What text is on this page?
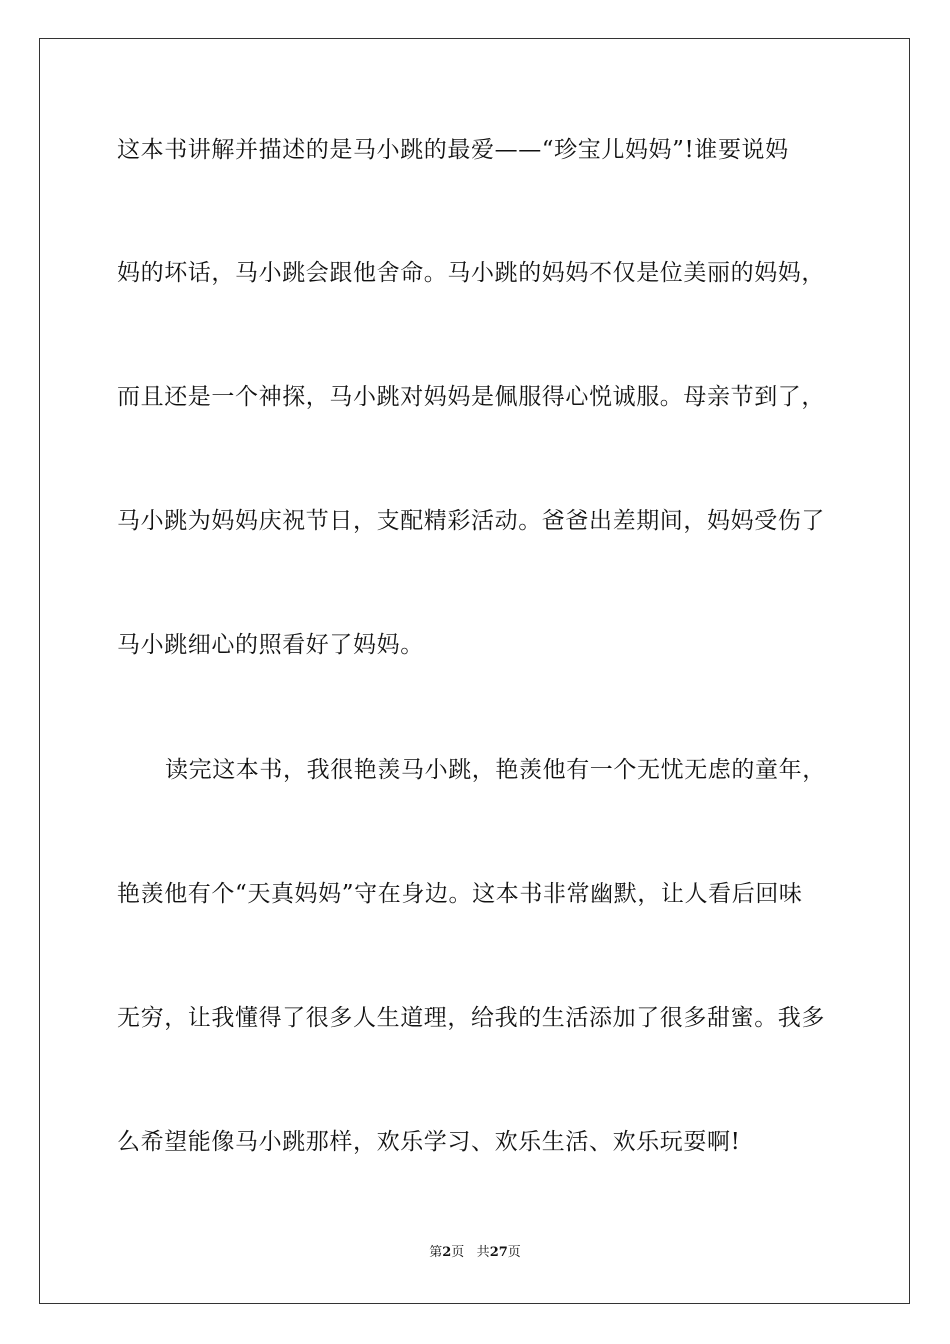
这本书讲解并描述的是马小跳的最爱——“珍宝儿妈妈”!谁要说妈
妈的坏话，马小跳会跟他舍命。马小跳的妈妈不仅是位美丽的妈妈，
而且还是一个神探，马小跳对妈妈是佩服得心悦诚服。母亲节到了，
马小跳为妈妈庆祝节日，支配精彩活动。爸爸出差期间，妈妈受伤了
马小跳细心的照看好了妈妈。
读完这本书，我很艳羡马小跳，艳羡他有一个无忧无虑的童年，
艳羡他有个“天真妈妈”守在身边。这本书非常幽默，让人看后回味
无穷，让我懂得了很多人生道理，给我的生活添加了很多甜蜜。我多
么希望能像马小跳那样，欢乐学习、欢乐生活、欢乐玩耍啊!
第2页 共27页
